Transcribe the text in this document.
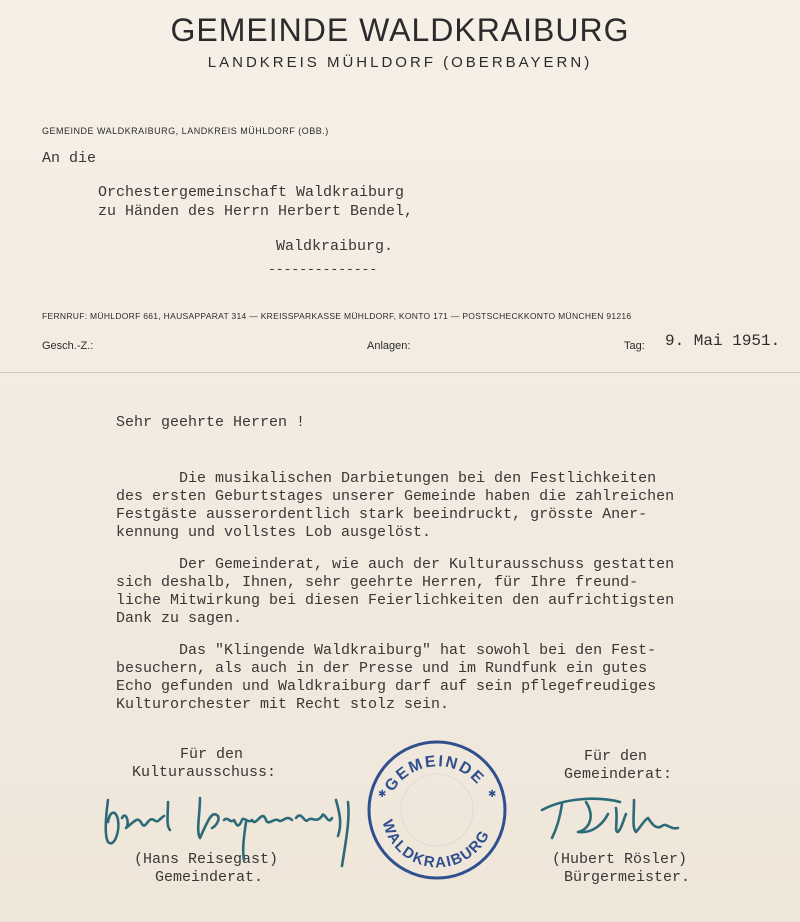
GEMEINDE WALDKRAIBURG
LANDKREIS MÜHLDORF (OBERBAYERN)
GEMEINDE WALDKRAIBURG, LANDKREIS MÜHLDORF (OBB.)
An die
Orchestergemeinschaft Waldkraiburg
zu Händen des Herrn Herbert Bendel,
Waldkraiburg.
--------------
FERNRUF: MÜHLDORF 661, HAUSAPPARAT 314 — KREISSPARKASSE MÜHLDORF, KONTO 171 — POSTSCHECKKONTO MÜNCHEN 91216
Gesch.-Z.:	Anlagen:	Tag: 9. Mai 1951.
Sehr geehrte Herren !
Die musikalischen Darbietungen bei den Festlichkeiten
des ersten Geburtstages unserer Gemeinde haben die zahlreichen
Festgäste ausserordentlich stark beeindruckt, grösste Aner-
kennung und vollstes Lob ausgelöst.
Der Gemeinderat, wie auch der Kulturausschuss gestatten
sich deshalb, Ihnen, sehr geehrte Herren, für Ihre freund-
liche Mitwirkung bei diesen Feierlichkeiten den aufrichtigsten
Dank zu sagen.
Das "Klingende Waldkraiburg" hat sowohl bei den Fest-
besuchern, als auch in der Presse und im Rundfunk ein gutes
Echo gefunden und Waldkraiburg darf auf sein pflegefreudiges
Kulturorchester mit Recht stolz sein.
Für den
Kulturausschuss:
(Hans Reisegast)
Gemeinderat.
Für den
Gemeinderat:
(Hubert Rösler)
Bürgermeister.
GEMEINDE
WALDKRAIBURG
✱	✱
